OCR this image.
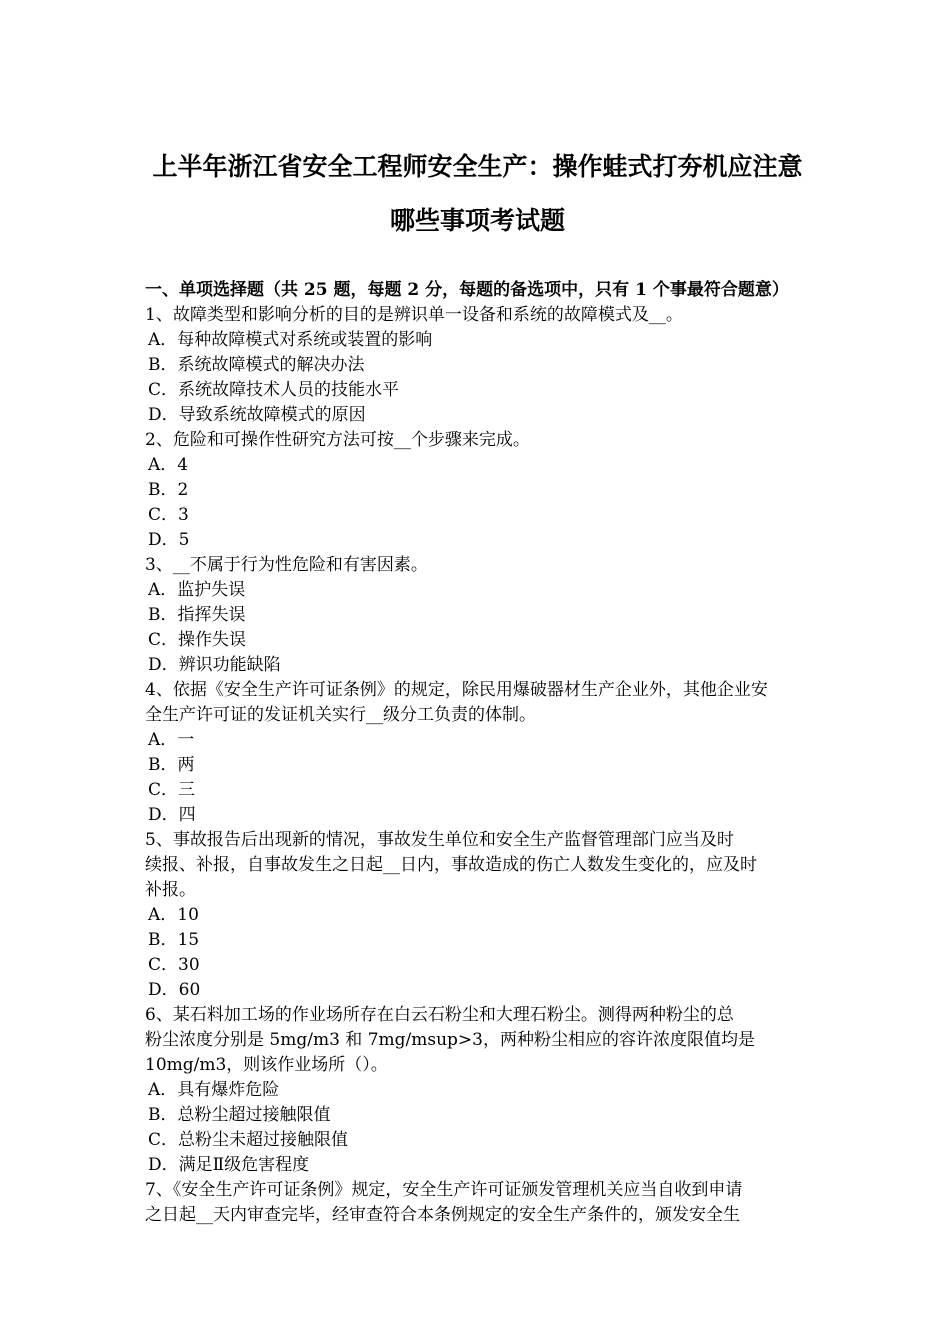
上半年浙江省安全工程师安全生产：操作蛙式打夯机应注意
哪些事项考试题
一、单项选择题（共 25 题，每题 2 分，每题的备选项中，只有 1 个事最符合题意）
1、故障类型和影响分析的目的是辨识单一设备和系统的故障模式及__。
A．每种故障模式对系统或装置的影响
B．系统故障模式的解决办法
C．系统故障技术人员的技能水平
D．导致系统故障模式的原因
2、危险和可操作性研究方法可按__个步骤来完成。
A．4
B．2
C．3
D．5
3、__不属于行为性危险和有害因素。
A．监护失误
B．指挥失误
C．操作失误
D．辨识功能缺陷
4、依据《安全生产许可证条例》的规定，除民用爆破器材生产企业外，其他企业安
全生产许可证的发证机关实行__级分工负责的体制。
A．一
B．两
C．三
D．四
5、事故报告后出现新的情况，事故发生单位和安全生产监督管理部门应当及时
续报、补报，自事故发生之日起__日内，事故造成的伤亡人数发生变化的，应及时
补报。
A．10
B．15
C．30
D．60
6、某石料加工场的作业场所存在白云石粉尘和大理石粉尘。测得两种粉尘的总
粉尘浓度分别是 5mg/m3 和 7mg/msup>3，两种粉尘相应的容许浓度限值均是
10mg/m3，则该作业场所（）。
A．具有爆炸危险
B．总粉尘超过接触限值
C．总粉尘未超过接触限值
D．满足Ⅱ级危害程度
7、《安全生产许可证条例》规定，安全生产许可证颁发管理机关应当自收到申请
之日起__天内审查完毕，经审查符合本条例规定的安全生产条件的，颁发安全生
